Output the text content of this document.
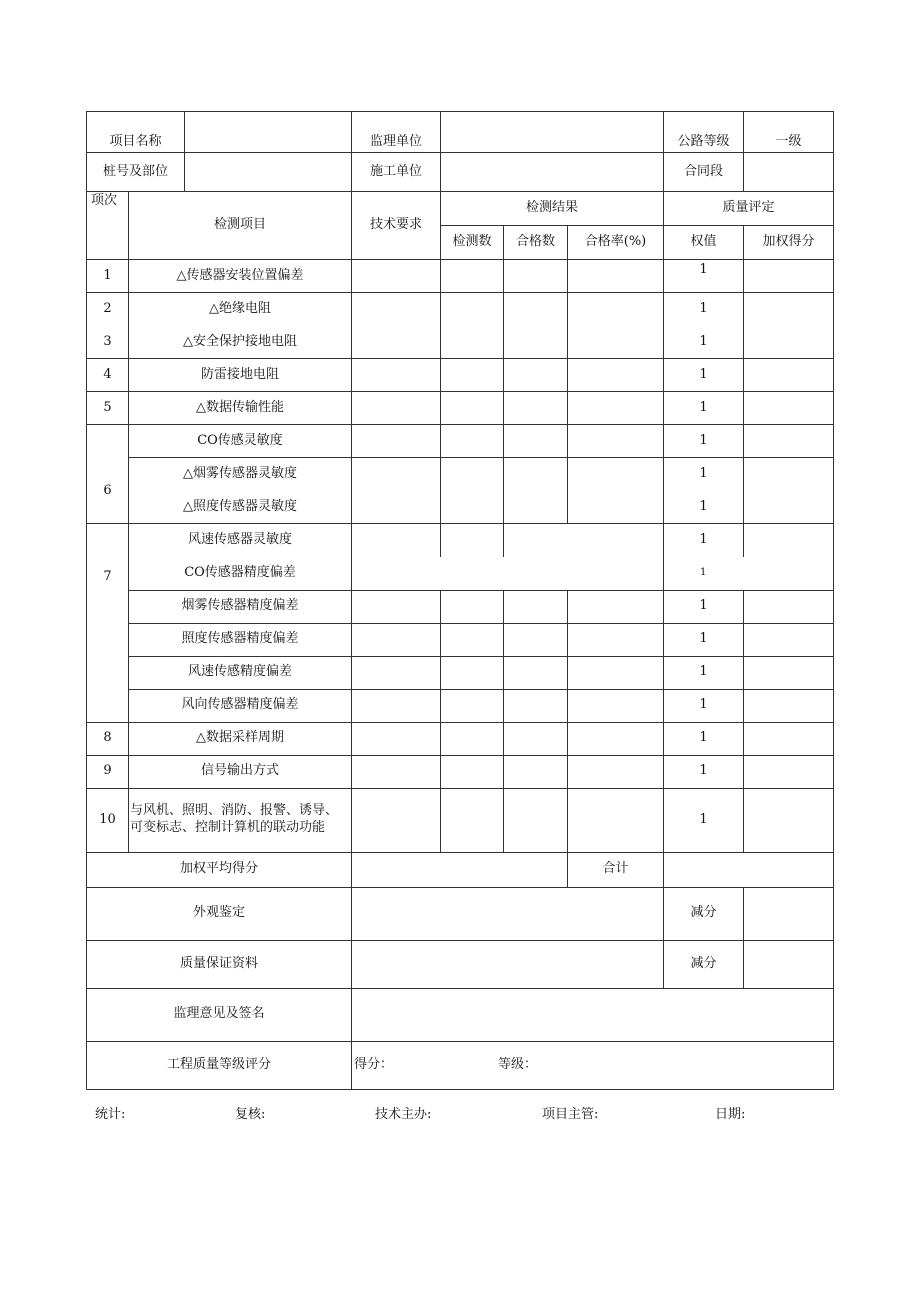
项目名称		监理单位				公路等级	一级

桩号及部位		施工单位				合同段	
项次	检测项目	技术要求	检测结果			质量评定	
			检测数	合格数	合格率(%)	权值	加权得分
1	△传感器安装位置偏差					1	
2	△绝缘电阻					1	
3	△安全保护接地电阻					1	
4	防雷接地电阻					1	
5	△数据传输性能					1	
6	CO传感灵敏度					1	
	△烟雾传感器灵敏度					1	
	△照度传感器灵敏度					1	
	风速传感器灵敏度					1	

7	CO传感器精度偏差					1	
	烟雾传感器精度偏差					1	
	照度传感器精度偏差					1	
	风速传感精度偏差					1	
	风向传感器精度偏差					1	
8	△数据采样周期					1	
9	信号输出方式					1	
10	与风机、照明、消防、报警、诱导、可变标志、控制计算机的联动功能					1	
加权平均得分					合计		
外观鉴定						减分	
质量保证资料						减分	
监理意见及签名							
工程质量等级评分		得分： 等级：					
统计:	复核:	技术主办:	项目主管:	日期:
